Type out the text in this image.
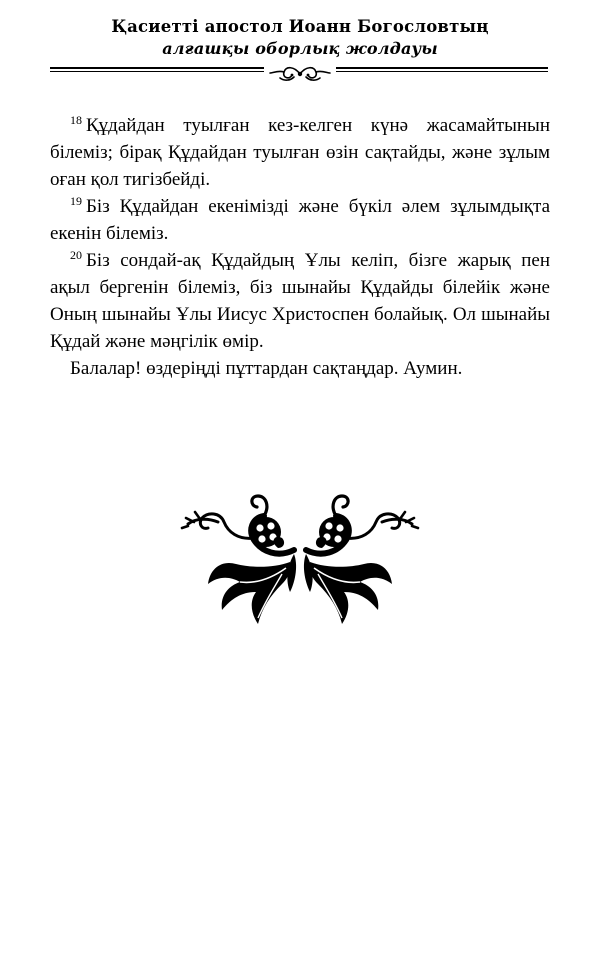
Қасиетті апостол Иоанн Богословтың
алғашқы оборлық жолдауы

$^{18}$ Құдайдан туылған кез-келген күнә жасамайтынын білеміз; бірақ Құдайдан туылған өзін сақтайды, және зұлым оған қол тигізбейді.

$^{19}$ Біз Құдайдан екенімізді және бүкіл әлем зұлымдықта екенін білеміз.

$^{20}$ Біз сондай-ақ Құдайдың Ұлы келіп, бізге жарық пен ақыл бергенін білеміз, біз шынайы Құдайды білейік және Оның шынайы Ұлы Иисус Христоспен болайық. Ол шынайы Құдай және мәңгілік өмір.

Балалар! өздеріңді пұттардан сақтаңдар. Аумин.
